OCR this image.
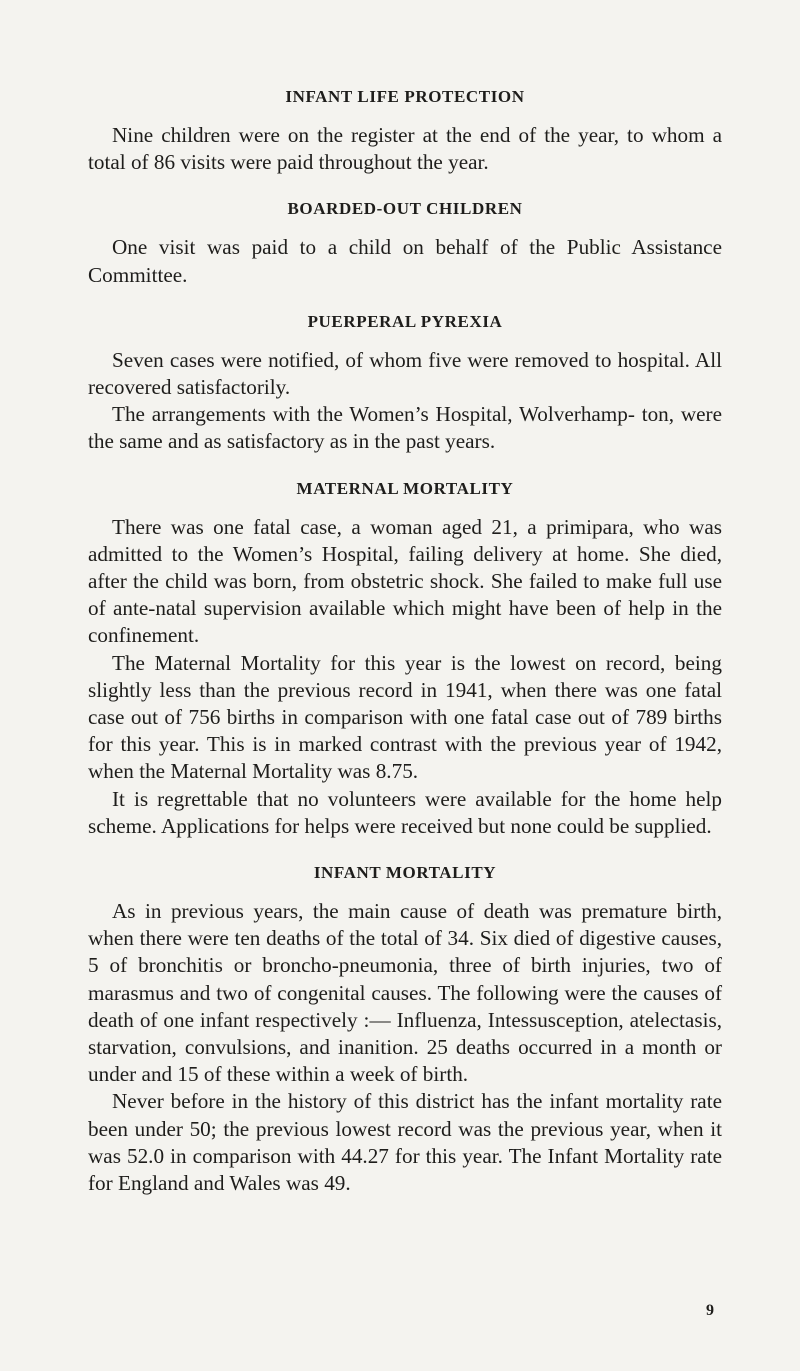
INFANT LIFE PROTECTION

Nine children were on the register at the end of the year, to whom a total of 86 visits were paid throughout the year.

BOARDED-OUT CHILDREN

One visit was paid to a child on behalf of the Public Assistance Committee.

PUERPERAL PYREXIA

Seven cases were notified, of whom five were removed to hospital. All recovered satisfactorily.

The arrangements with the Women’s Hospital, Wolverhamp- ton, were the same and as satisfactory as in the past years.

MATERNAL MORTALITY

There was one fatal case, a woman aged 21, a primipara, who was admitted to the Women’s Hospital, failing delivery at home. She died, after the child was born, from obstetric shock. She failed to make full use of ante-natal supervision available which might have been of help in the confinement.

The Maternal Mortality for this year is the lowest on record, being slightly less than the previous record in 1941, when there was one fatal case out of 756 births in comparison with one fatal case out of 789 births for this year. This is in marked contrast with the previous year of 1942, when the Maternal Mortality was 8.75.

It is regrettable that no volunteers were available for the home help scheme. Applications for helps were received but none could be supplied.

INFANT MORTALITY

As in previous years, the main cause of death was premature birth, when there were ten deaths of the total of 34. Six died of digestive causes, 5 of bronchitis or broncho-pneumonia, three of birth injuries, two of marasmus and two of congenital causes. The following were the causes of death of one infant respectively :— Influenza, Intessusception, atelectasis, starvation, convulsions, and inanition. 25 deaths occurred in a month or under and 15 of these within a week of birth.

Never before in the history of this district has the infant mortality rate been under 50; the previous lowest record was the previous year, when it was 52.0 in comparison with 44.27 for this year. The Infant Mortality rate for England and Wales was 49.

9
